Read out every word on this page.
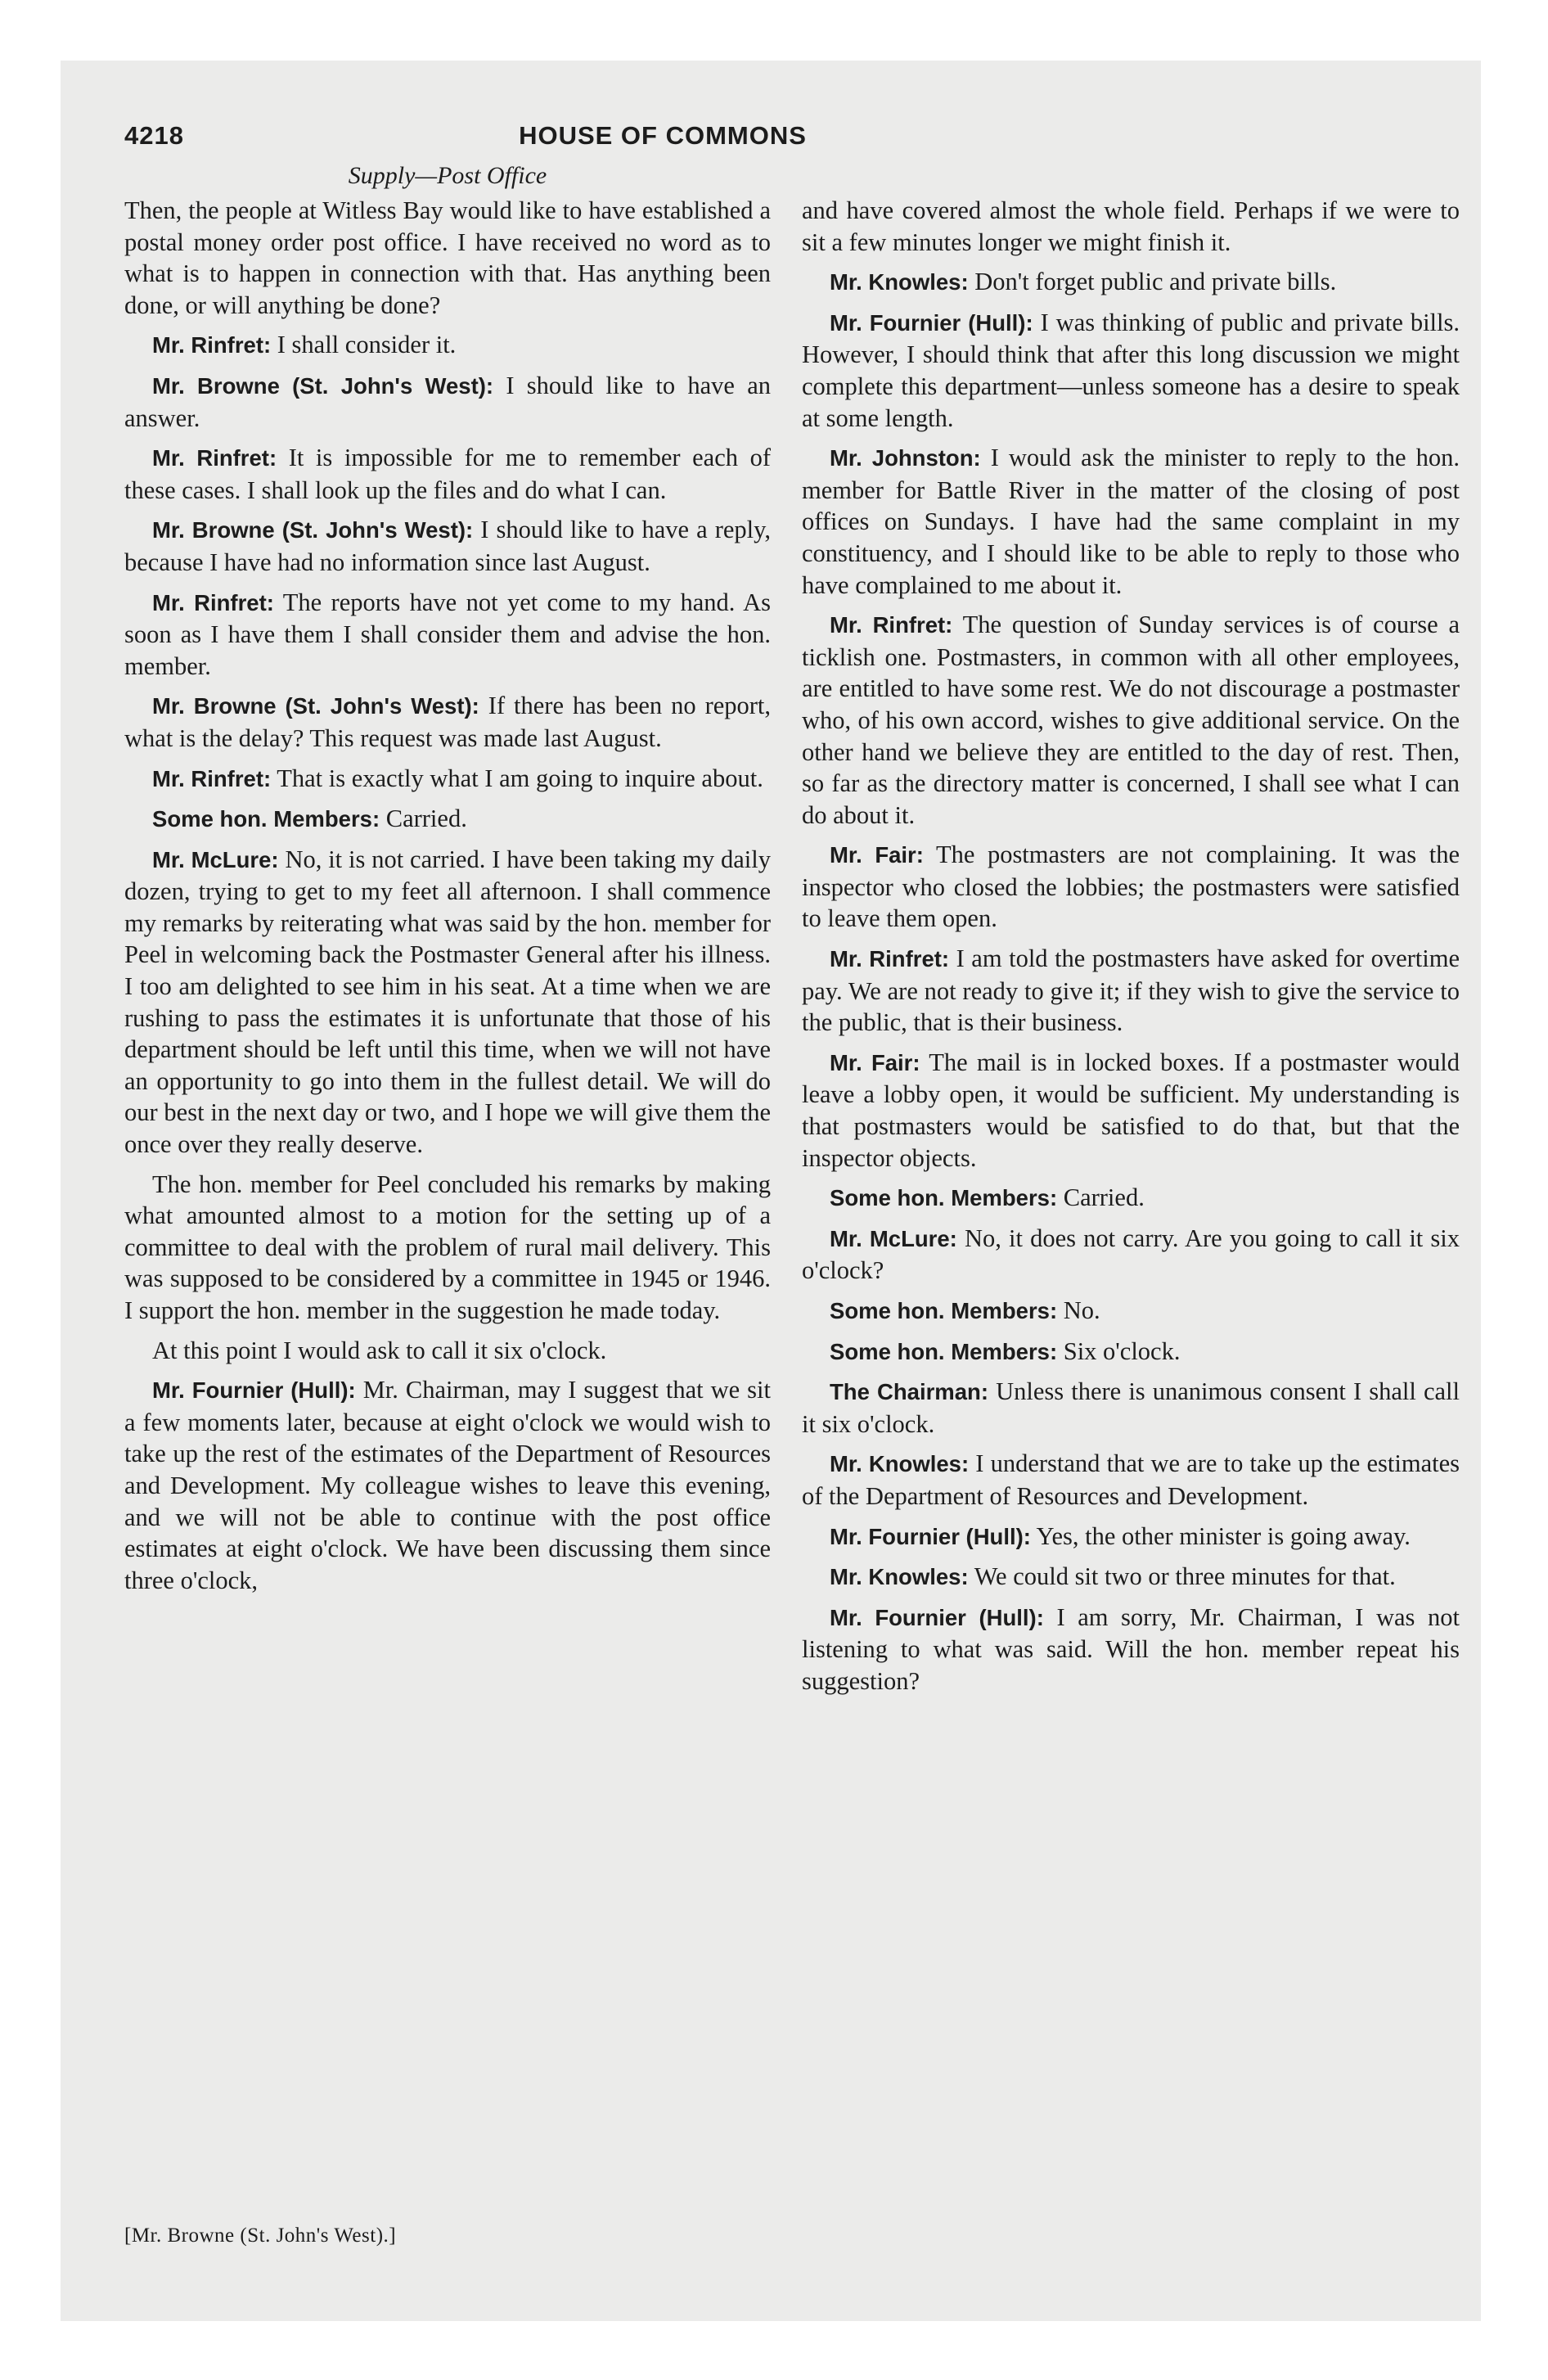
4218	HOUSE OF COMMONS
Supply—Post Office

Then, the people at Witless Bay would like to have established a postal money order post office. I have received no word as to what is to happen in connection with that. Has anything been done, or will anything be done?

Mr. Rinfret: I shall consider it.

Mr. Browne (St. John's West): I should like to have an answer.

Mr. Rinfret: It is impossible for me to remember each of these cases. I shall look up the files and do what I can.

Mr. Browne (St. John's West): I should like to have a reply, because I have had no information since last August.

Mr. Rinfret: The reports have not yet come to my hand. As soon as I have them I shall consider them and advise the hon. member.

Mr. Browne (St. John's West): If there has been no report, what is the delay? This request was made last August.

Mr. Rinfret: That is exactly what I am going to inquire about.

Some hon. Members: Carried.

Mr. McLure: No, it is not carried. I have been taking my daily dozen, trying to get to my feet all afternoon. I shall commence my remarks by reiterating what was said by the hon. member for Peel in welcoming back the Postmaster General after his illness. I too am delighted to see him in his seat. At a time when we are rushing to pass the estimates it is unfortunate that those of his department should be left until this time, when we will not have an opportunity to go into them in the fullest detail. We will do our best in the next day or two, and I hope we will give them the once over they really deserve.

The hon. member for Peel concluded his remarks by making what amounted almost to a motion for the setting up of a committee to deal with the problem of rural mail delivery. This was supposed to be considered by a committee in 1945 or 1946. I support the hon. member in the suggestion he made today.

At this point I would ask to call it six o'clock.

Mr. Fournier (Hull): Mr. Chairman, may I suggest that we sit a few moments later, because at eight o'clock we would wish to take up the rest of the estimates of the Department of Resources and Development. My colleague wishes to leave this evening, and we will not be able to continue with the post office estimates at eight o'clock. We have been discussing them since three o'clock,

and have covered almost the whole field. Perhaps if we were to sit a few minutes longer we might finish it.

Mr. Knowles: Don't forget public and private bills.

Mr. Fournier (Hull): I was thinking of public and private bills. However, I should think that after this long discussion we might complete this department—unless someone has a desire to speak at some length.

Mr. Johnston: I would ask the minister to reply to the hon. member for Battle River in the matter of the closing of post offices on Sundays. I have had the same complaint in my constituency, and I should like to be able to reply to those who have complained to me about it.

Mr. Rinfret: The question of Sunday services is of course a ticklish one. Postmasters, in common with all other employees, are entitled to have some rest. We do not discourage a postmaster who, of his own accord, wishes to give additional service. On the other hand we believe they are entitled to the day of rest. Then, so far as the directory matter is concerned, I shall see what I can do about it.

Mr. Fair: The postmasters are not complaining. It was the inspector who closed the lobbies; the postmasters were satisfied to leave them open.

Mr. Rinfret: I am told the postmasters have asked for overtime pay. We are not ready to give it; if they wish to give the service to the public, that is their business.

Mr. Fair: The mail is in locked boxes. If a postmaster would leave a lobby open, it would be sufficient. My understanding is that postmasters would be satisfied to do that, but that the inspector objects.

Some hon. Members: Carried.

Mr. McLure: No, it does not carry. Are you going to call it six o'clock?

Some hon. Members: No.

Some hon. Members: Six o'clock.

The Chairman: Unless there is unanimous consent I shall call it six o'clock.

Mr. Knowles: I understand that we are to take up the estimates of the Department of Resources and Development.

Mr. Fournier (Hull): Yes, the other minister is going away.

Mr. Knowles: We could sit two or three minutes for that.

Mr. Fournier (Hull): I am sorry, Mr. Chairman, I was not listening to what was said. Will the hon. member repeat his suggestion?

[Mr. Browne (St. John's West).]
